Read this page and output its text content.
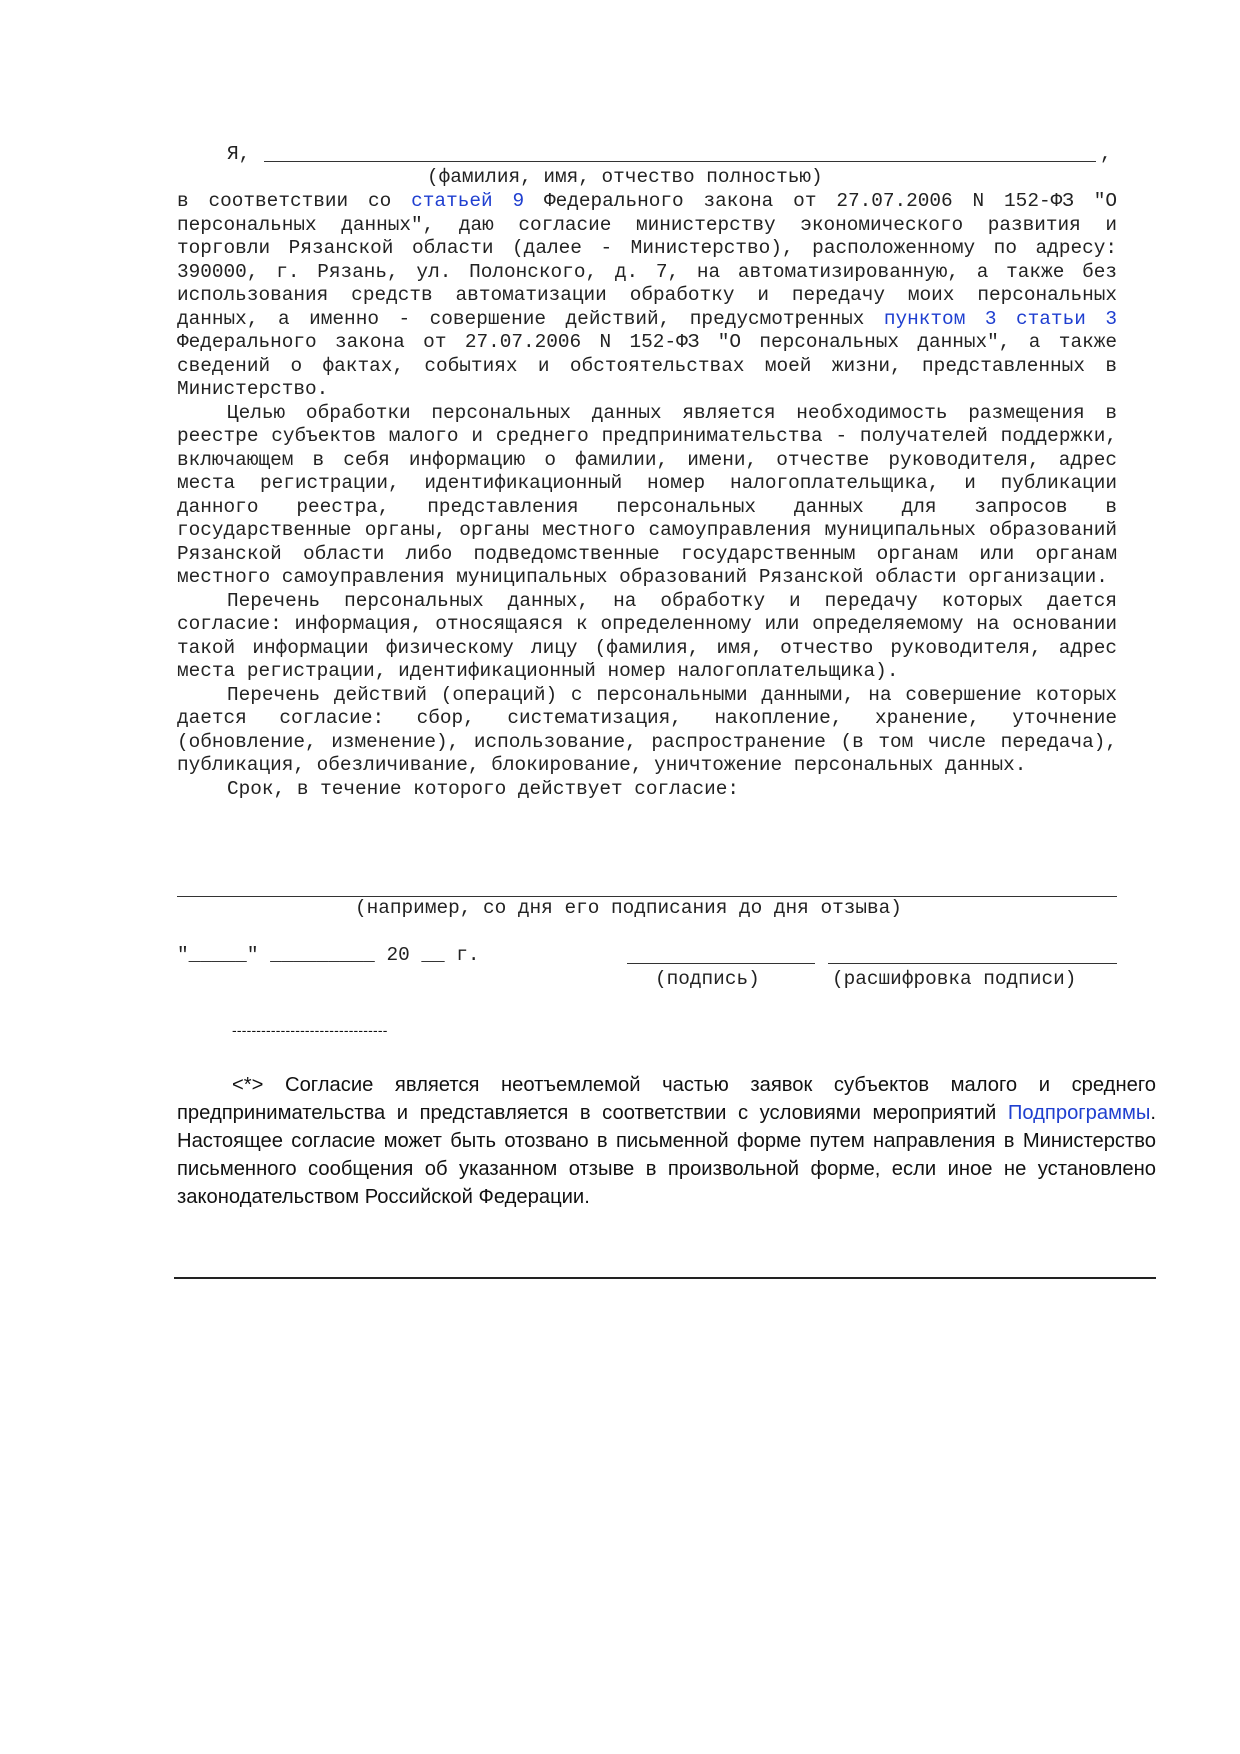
Я,	,
(фамилия, имя, отчество полностью)

в соответствии со статьей 9 Федерального закона от 27.07.2006 N 152-ФЗ "О персональных данных", даю согласие министерству экономического развития и торговли Рязанской области (далее - Министерство), расположенному по адресу: 390000, г. Рязань, ул. Полонского, д. 7, на автоматизированную, а также без использования средств автоматизации обработку и передачу моих персональных данных, а именно - совершение действий, предусмотренных пунктом 3 статьи 3 Федерального закона от 27.07.2006 N 152-ФЗ "О персональных данных", а также сведений о фактах, событиях и обстоятельствах моей жизни, представленных в Министерство.

Целью обработки персональных данных является необходимость размещения в реестре субъектов малого и среднего предпринимательства - получателей поддержки, включающем в себя информацию о фамилии, имени, отчестве руководителя, адрес места регистрации, идентификационный номер налогоплательщика, и публикации данного реестра, представления персональных данных для запросов в государственные органы, органы местного самоуправления муниципальных образований Рязанской области либо подведомственные государственным органам или органам местного самоуправления муниципальных образований Рязанской области организации.

Перечень персональных данных, на обработку и передачу которых дается согласие: информация, относящаяся к определенному или определяемому на основании такой информации физическому лицу (фамилия, имя, отчество руководителя, адрес места регистрации, идентификационный номер налогоплательщика).

Перечень действий (операций) с персональными данными, на совершение которых дается согласие: сбор, систематизация, накопление, хранение, уточнение (обновление, изменение), использование, распространение (в том числе передача), публикация, обезличивание, блокирование, уничтожение персональных данных.

Срок, в течение которого действует согласие:

(например, со дня его подписания до дня отзыва)
"_____" _________ 20 __ г.
(подпись)	(расшифровка подписи)
--------------------------------

<*> Согласие является неотъемлемой частью заявок субъектов малого и среднего предпринимательства и представляется в соответствии с условиями мероприятий Подпрограммы. Настоящее согласие может быть отозвано в письменной форме путем направления в Министерство письменного сообщения об указанном отзыве в произвольной форме, если иное не установлено законодательством Российской Федерации.
